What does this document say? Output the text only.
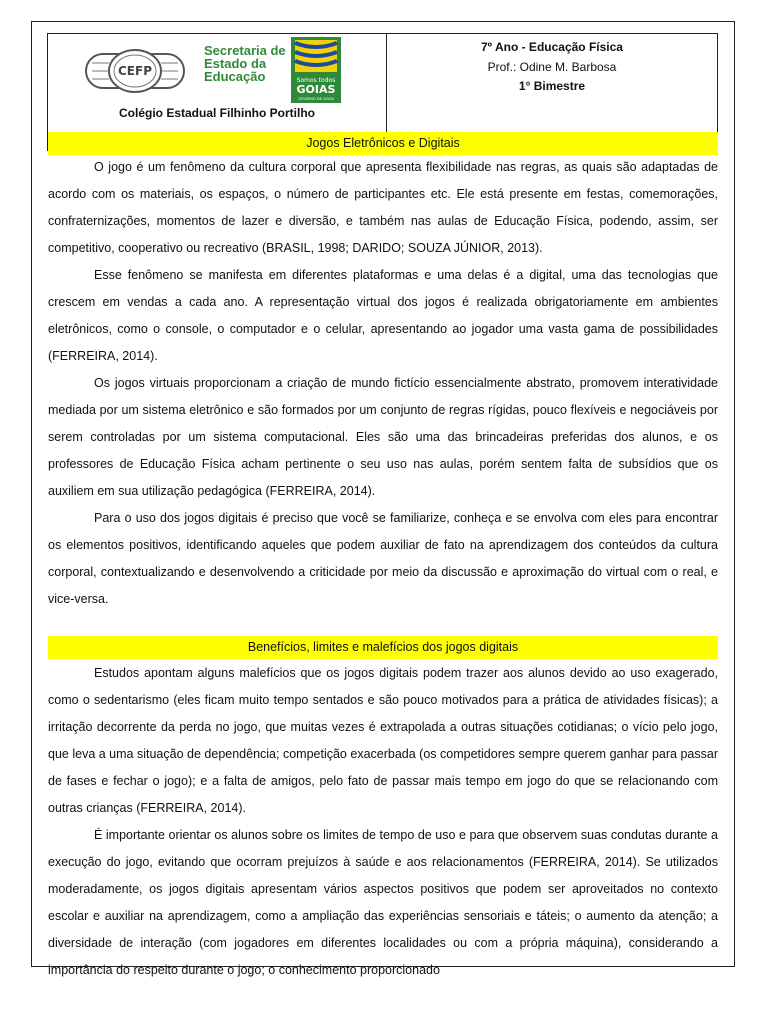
CEFP
Secretaria de Estado da Educação	Somos todos
GOIAS
GOVERNO DE GOIÁS
Colégio Estadual Filhinho Portilho
7º Ano - Educação Física
Prof.: Odine M. Barbosa
1° Bimestre
Jogos Eletrônicos e Digitais

O jogo é um fenômeno da cultura corporal que apresenta flexibilidade nas regras, as quais são adaptadas de acordo com os materiais, os espaços, o número de participantes etc. Ele está presente em festas, comemorações, confraternizações, momentos de lazer e diversão, e também nas aulas de Educação Física, podendo, assim, ser competitivo, cooperativo ou recreativo (BRASIL, 1998; DARIDO; SOUZA JÚNIOR, 2013).

Esse fenômeno se manifesta em diferentes plataformas e uma delas é a digital, uma das tecnologias que crescem em vendas a cada ano. A representação virtual dos jogos é realizada obrigatoriamente em ambientes eletrônicos, como o console, o computador e o celular, apresentando ao jogador uma vasta gama de possibilidades (FERREIRA, 2014).

Os jogos virtuais proporcionam a criação de mundo fictício essencialmente abstrato, promovem interatividade mediada por um sistema eletrônico e são formados por um conjunto de regras rígidas, pouco flexíveis e negociáveis por serem controladas por um sistema computacional. Eles são uma das brincadeiras preferidas dos alunos, e os professores de Educação Física acham pertinente o seu uso nas aulas, porém sentem falta de subsídios que os auxiliem em sua utilização pedagógica (FERREIRA, 2014).

Para o uso dos jogos digitais é preciso que você se familiarize, conheça e se envolva com eles para encontrar os elementos positivos, identificando aqueles que podem auxiliar de fato na aprendizagem dos conteúdos da cultura corporal, contextualizando e desenvolvendo a criticidade por meio da discussão e aproximação do virtual com o real, e vice-versa.

Benefícios, limites e malefícios dos jogos digitais

Estudos apontam alguns malefícios que os jogos digitais podem trazer aos alunos devido ao uso exagerado, como o sedentarismo (eles ficam muito tempo sentados e são pouco motivados para a prática de atividades físicas); a irritação decorrente da perda no jogo, que muitas vezes é extrapolada a outras situações cotidianas; o vício pelo jogo, que leva a uma situação de dependência; competição exacerbada (os competidores sempre querem ganhar para passar de fases e fechar o jogo); e a falta de amigos, pelo fato de passar mais tempo em jogo do que se relacionando com outras crianças (FERREIRA, 2014).

É importante orientar os alunos sobre os limites de tempo de uso e para que observem suas condutas durante a execução do jogo, evitando que ocorram prejuízos à saúde e aos relacionamentos (FERREIRA, 2014). Se utilizados moderadamente, os jogos digitais apresentam vários aspectos positivos que podem ser aproveitados no contexto escolar e auxiliar na aprendizagem, como a ampliação das experiências sensoriais e táteis; o aumento da atenção; a diversidade de interação (com jogadores em diferentes localidades ou com a própria máquina), considerando a importância do respeito durante o jogo; o conhecimento proporcionado
